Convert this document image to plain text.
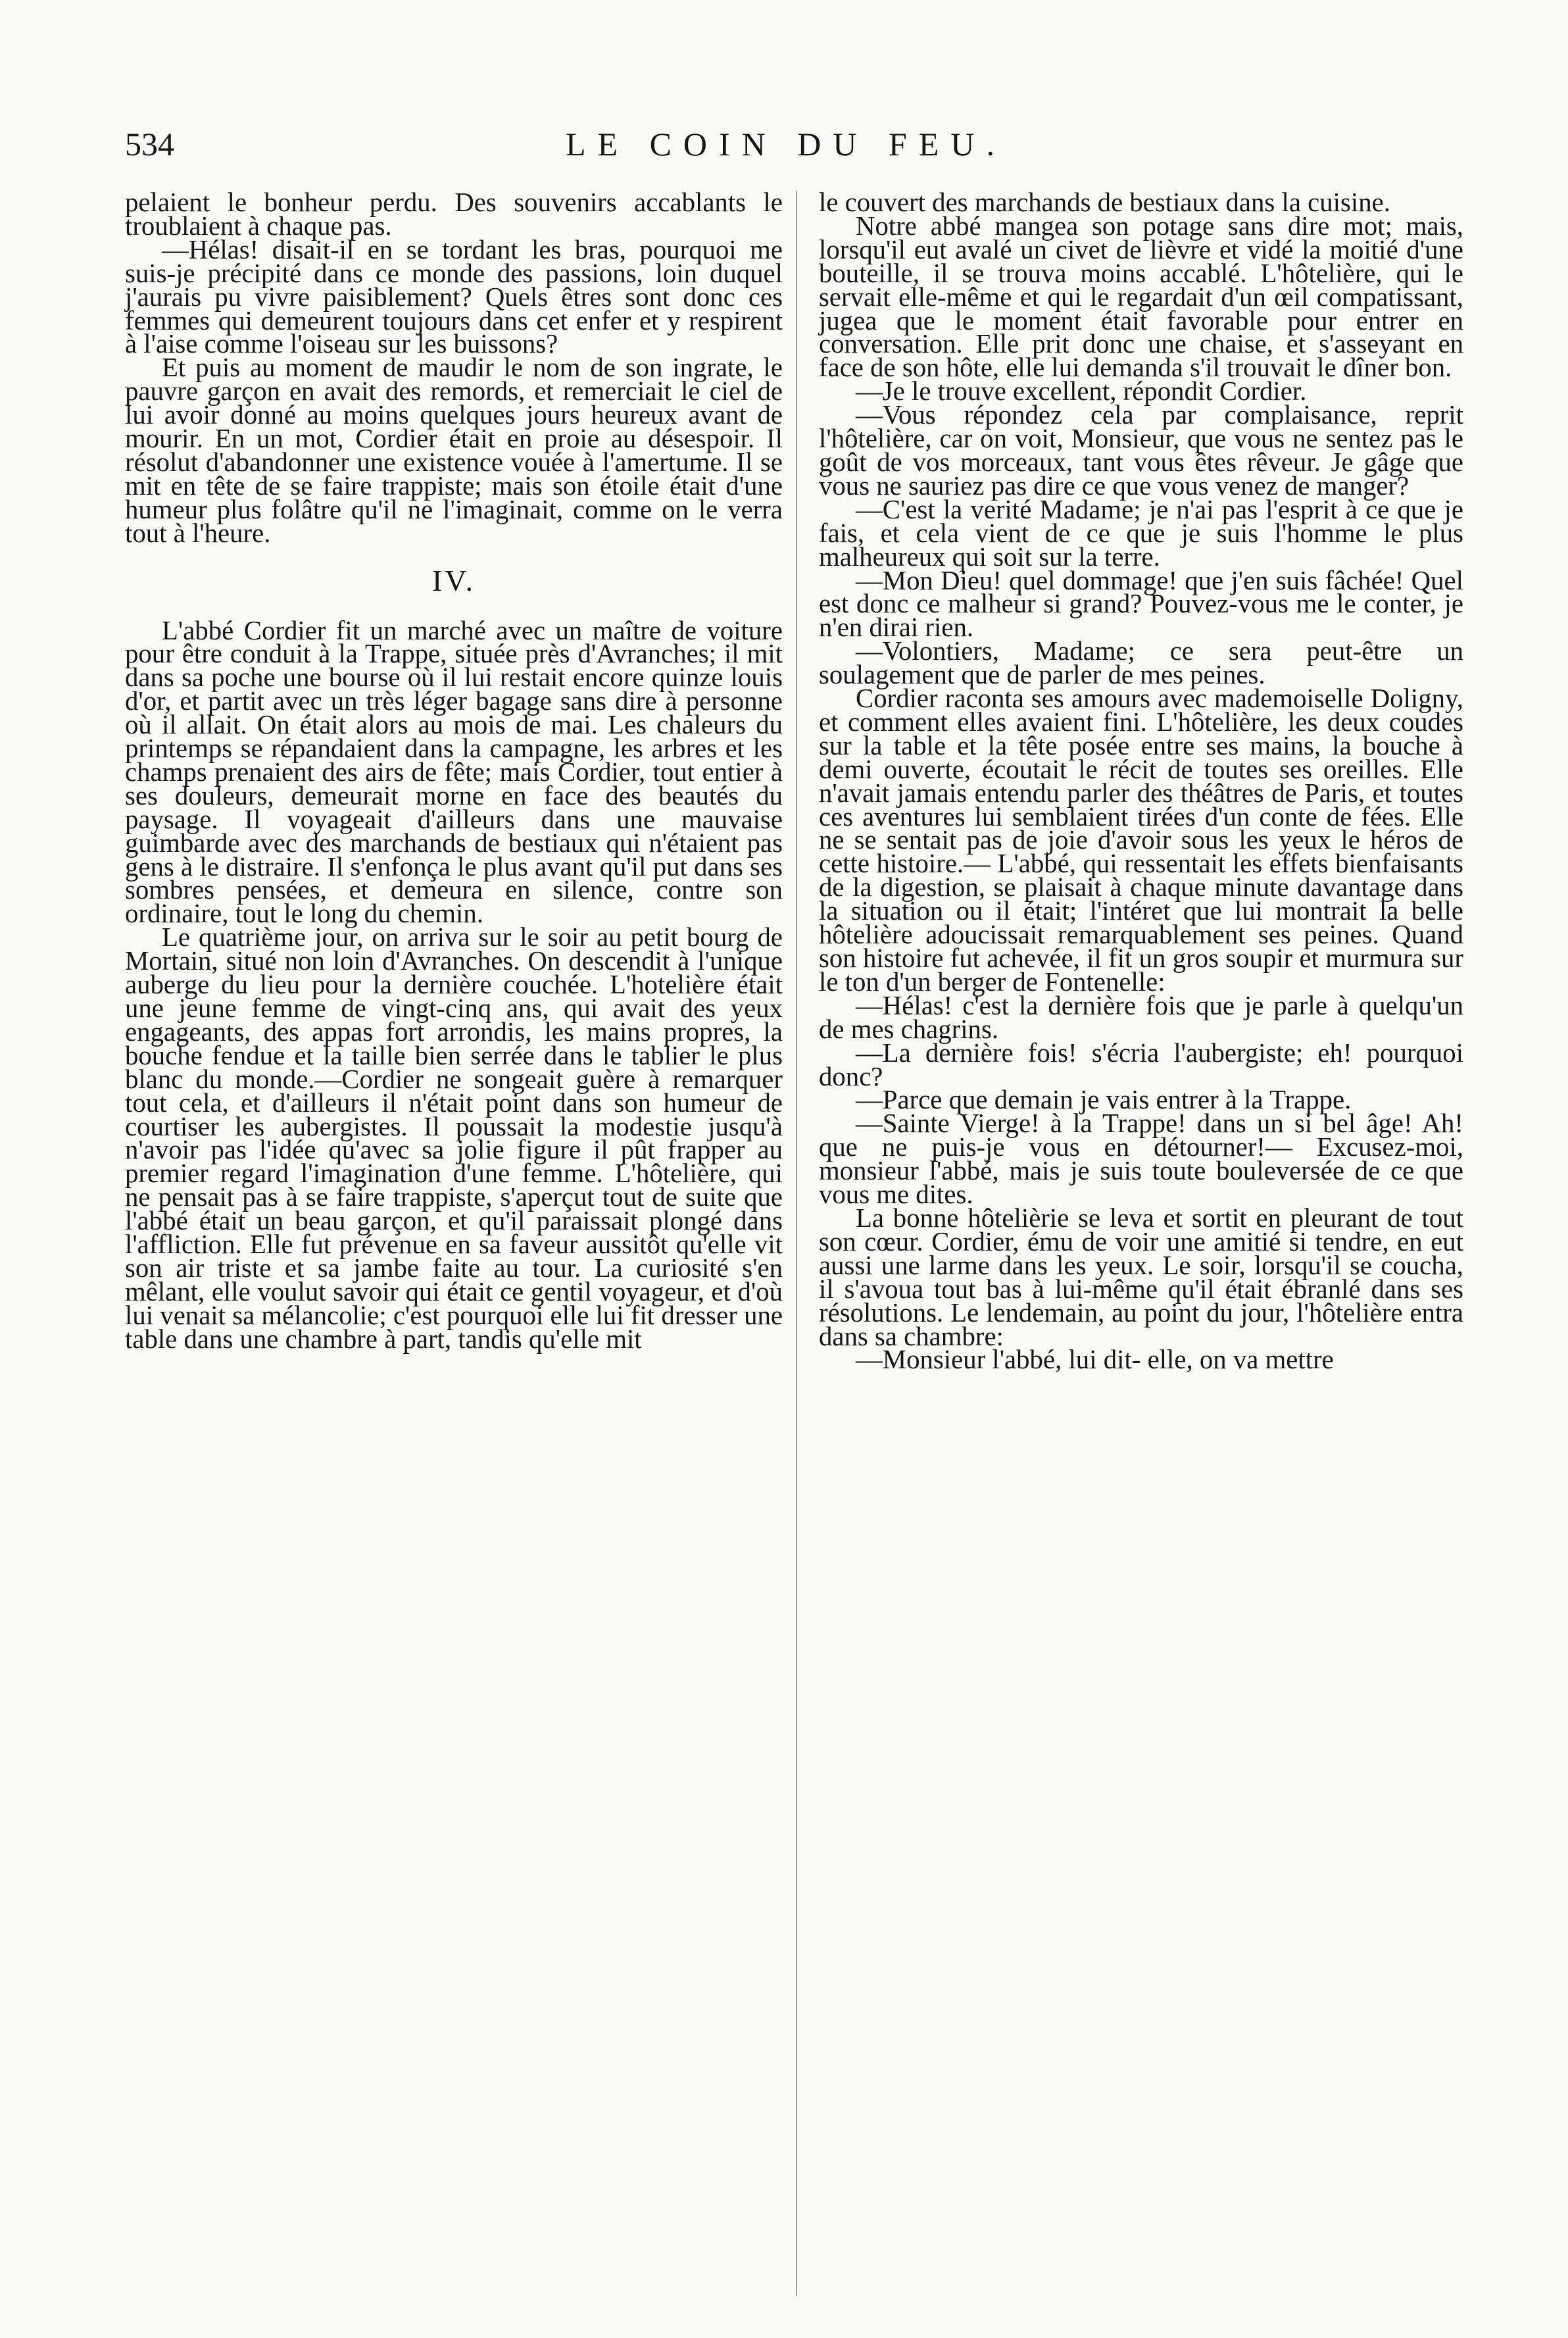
LE COIN DU FEU.
534

pelaient le bonheur perdu. Des souvenirs accablants le troublaient à chaque pas.

—Hélas! disait-il en se tordant les bras, pourquoi me suis-je précipité dans ce monde des passions, loin duquel j'aurais pu vivre paisiblement? Quels êtres sont donc ces femmes qui demeurent toujours dans cet enfer et y respirent à l'aise comme l'oiseau sur les buissons?

Et puis au moment de maudir le nom de son ingrate, le pauvre garçon en avait des remords, et remerciait le ciel de lui avoir donné au moins quelques jours heureux avant de mourir. En un mot, Cordier était en proie au désespoir. Il résolut d'abandonner une existence vouée à l'amertume. Il se mit en tête de se faire trappiste; mais son étoile était d'une humeur plus folâtre qu'il ne l'imaginait, comme on le verra tout à l'heure.

IV.

L'abbé Cordier fit un marché avec un maître de voiture pour être conduit à la Trappe, située près d'Avranches; il mit dans sa poche une bourse où il lui restait encore quinze louis d'or, et partit avec un très léger bagage sans dire à personne où il allait. On était alors au mois de mai. Les chaleurs du printemps se répandaient dans la campagne, les arbres et les champs prenaient des airs de fête; mais Cordier, tout entier à ses douleurs, demeurait morne en face des beautés du paysage. Il voyageait d'ailleurs dans une mauvaise guimbarde avec des marchands de bestiaux qui n'étaient pas gens à le distraire. Il s'enfonça le plus avant qu'il put dans ses sombres pensées, et demeura en silence, contre son ordinaire, tout le long du chemin.

Le quatrième jour, on arriva sur le soir au petit bourg de Mortain, situé non loin d'Avranches. On descendit à l'unique auberge du lieu pour la dernière couchée. L'hotelière était une jeune femme de vingt-cinq ans, qui avait des yeux engageants, des appas fort arrondis, les mains propres, la bouche fendue et la taille bien serrée dans le tablier le plus blanc du monde.—Cordier ne songeait guère à remarquer tout cela, et d'ailleurs il n'était point dans son humeur de courtiser les aubergistes. Il poussait la modestie jusqu'à n'avoir pas l'idée qu'avec sa jolie figure il pût frapper au premier regard l'imagination d'une femme. L'hôtelière, qui ne pensait pas à se faire trappiste, s'aperçut tout de suite que l'abbé était un beau garçon, et qu'il paraissait plongé dans l'affliction. Elle fut prévenue en sa faveur aussitôt qu'elle vit son air triste et sa jambe faite au tour. La curiosité s'en mêlant, elle voulut savoir qui était ce gentil voyageur, et d'où lui venait sa mélancolie; c'est pourquoi elle lui fit dresser une table dans une chambre à part, tandis qu'elle mit

le couvert des marchands de bestiaux dans la cuisine.

Notre abbé mangea son potage sans dire mot; mais, lorsqu'il eut avalé un civet de lièvre et vidé la moitié d'une bouteille, il se trouva moins accablé. L'hôtelière, qui le servait elle-même et qui le regardait d'un œil compatissant, jugea que le moment était favorable pour entrer en conversation. Elle prit donc une chaise, et s'asseyant en face de son hôte, elle lui demanda s'il trouvait le dîner bon.

—Je le trouve excellent, répondit Cordier.

—Vous répondez cela par complaisance, reprit l'hôtelière, car on voit, Monsieur, que vous ne sentez pas le goût de vos morceaux, tant vous êtes rêveur. Je gâge que vous ne sauriez pas dire ce que vous venez de manger?

—C'est la verité Madame; je n'ai pas l'esprit à ce que je fais, et cela vient de ce que je suis l'homme le plus malheureux qui soit sur la terre.

—Mon Dieu! quel dommage! que j'en suis fâchée! Quel est donc ce malheur si grand? Pouvez-vous me le conter, je n'en dirai rien.

—Volontiers, Madame; ce sera peut-être un soulagement que de parler de mes peines.

Cordier raconta ses amours avec mademoiselle Doligny, et comment elles avaient fini. L'hôtelière, les deux coudes sur la table et la tête posée entre ses mains, la bouche à demi ouverte, écoutait le récit de toutes ses oreilles. Elle n'avait jamais entendu parler des théâtres de Paris, et toutes ces aventures lui semblaient tirées d'un conte de fées. Elle ne se sentait pas de joie d'avoir sous les yeux le héros de cette histoire.— L'abbé, qui ressentait les effets bienfaisants de la digestion, se plaisait à chaque minute davantage dans la situation ou il était; l'intéret que lui montrait la belle hôtelière adoucissait remarquablement ses peines. Quand son histoire fut achevée, il fit un gros soupir et murmura sur le ton d'un berger de Fontenelle:

—Hélas! c'est la dernière fois que je parle à quelqu'un de mes chagrins.

—La dernière fois! s'écria l'aubergiste; eh! pourquoi donc?

—Parce que demain je vais entrer à la Trappe.

—Sainte Vierge! à la Trappe! dans un si bel âge! Ah! que ne puis-je vous en détourner!— Excusez-moi, monsieur l'abbé, mais je suis toute bouleversée de ce que vous me dites.

La bonne hôtelièrie se leva et sortit en pleurant de tout son cœur. Cordier, ému de voir une amitié si tendre, en eut aussi une larme dans les yeux. Le soir, lorsqu'il se coucha, il s'avoua tout bas à lui-même qu'il était ébranlé dans ses résolutions. Le lendemain, au point du jour, l'hôtelière entra dans sa chambre:

—Monsieur l'abbé, lui dit- elle, on va mettre
